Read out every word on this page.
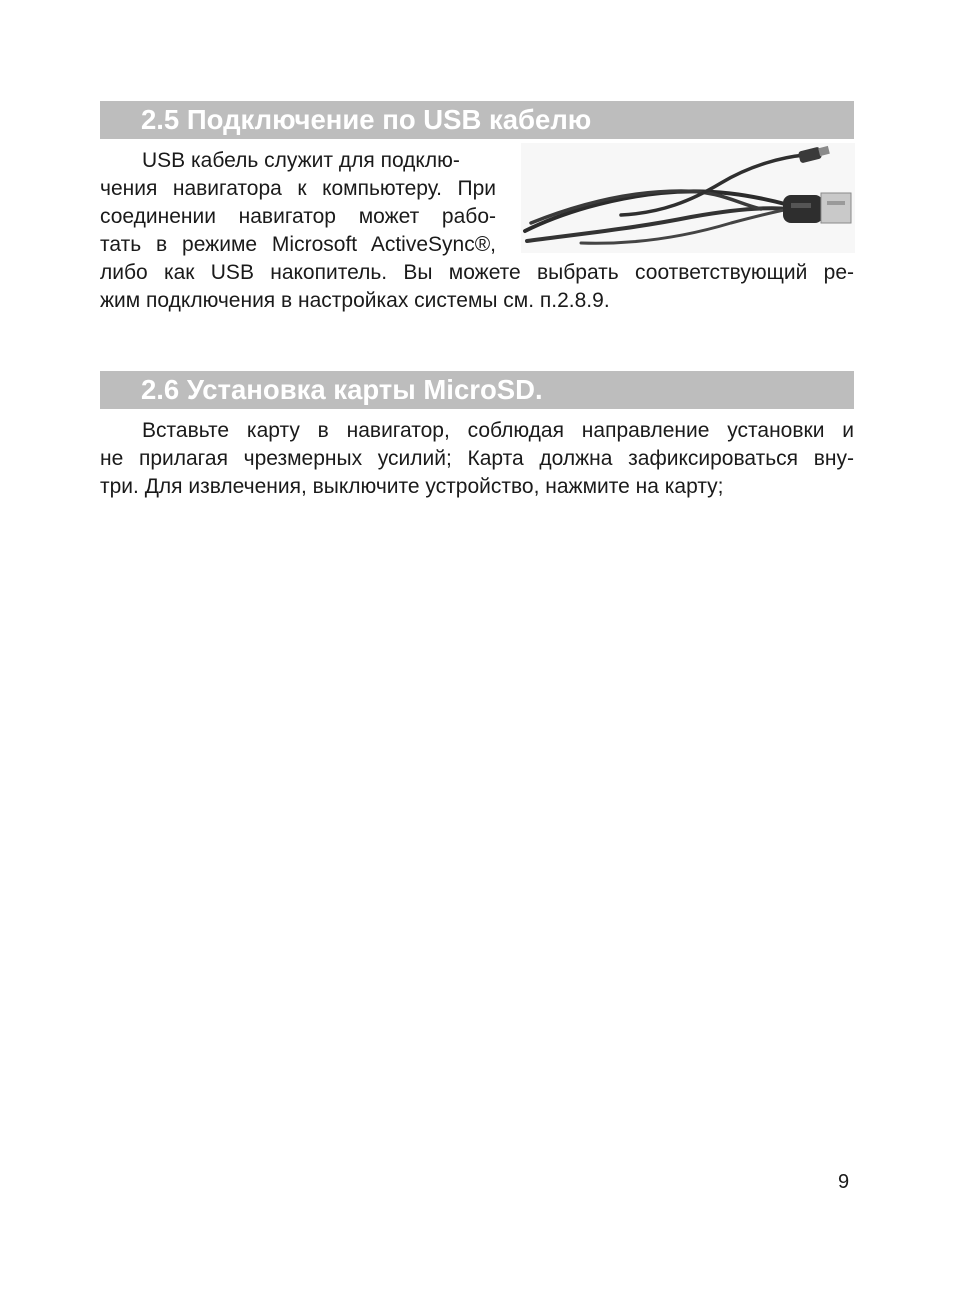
2.5 Подключение по USB кабелю
USB кабель служит для подклю-
чения навигатора к компьютеру. При
соединении навигатор может рабо-
тать в режиме Microsoft ActiveSync®,
либо как USB накопитель. Вы можете выбрать соответствующий ре-
жим подключения в настройках системы см. п.2.8.9.
2.6 Установка карты MicroSD.
Вставьте карту в навигатор, соблюдая направление установки и
не прилагая чрезмерных усилий; Карта должна зафиксироваться вну-
три. Для извлечения, выключите устройство, нажмите на карту;
9
